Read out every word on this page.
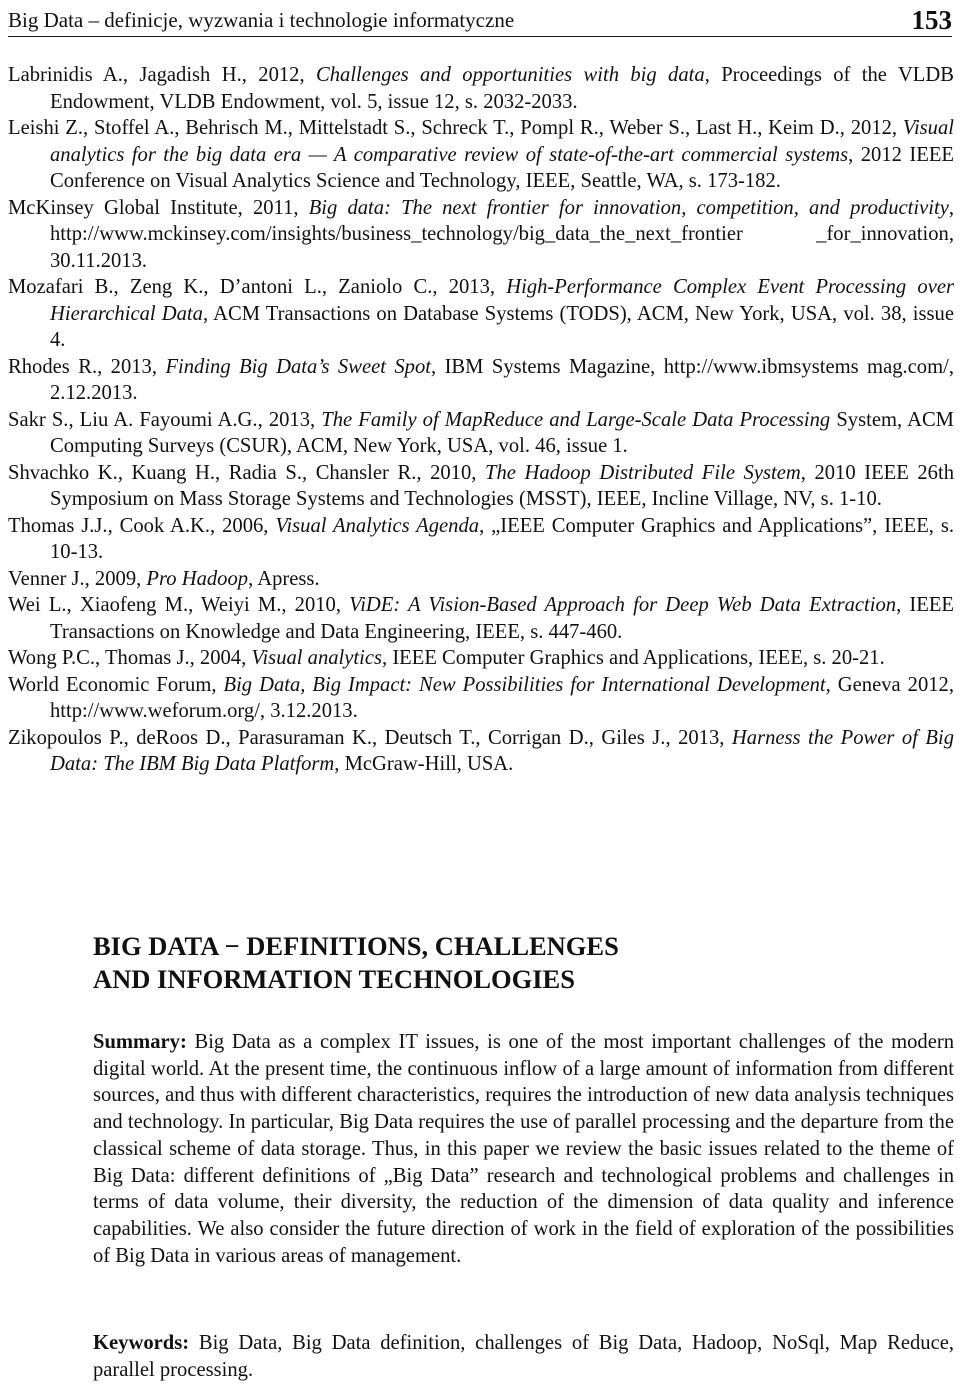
Big Data – definicje, wyzwania i technologie informatyczne	153

Labrinidis A., Jagadish H., 2012, Challenges and opportunities with big data, Proceedings of the VLDB Endowment, VLDB Endowment, vol. 5, issue 12, s. 2032-2033.

Leishi Z., Stoffel A., Behrisch M., Mittelstadt S., Schreck T., Pompl R., Weber S., Last H., Keim D., 2012, Visual analytics for the big data era — A comparative review of state-of-the-art commercial systems, 2012 IEEE Conference on Visual Analytics Science and Technology, IEEE, Seattle, WA, s. 173-182.

McKinsey Global Institute, 2011, Big data: The next frontier for innovation, competition, and productivity, http://www.mckinsey.com/insights/business_technology/big_data_the_next_frontier _for_innovation, 30.11.2013.

Mozafari B., Zeng K., D’antoni L., Zaniolo C., 2013, High-Performance Complex Event Processing over Hierarchical Data, ACM Transactions on Database Systems (TODS), ACM, New York, USA, vol. 38, issue 4.

Rhodes R., 2013, Finding Big Data’s Sweet Spot, IBM Systems Magazine, http://www.ibmsystems mag.com/, 2.12.2013.

Sakr S., Liu A. Fayoumi A.G., 2013, The Family of MapReduce and Large-Scale Data Processing System, ACM Computing Surveys (CSUR), ACM, New York, USA, vol. 46, issue 1.

Shvachko K., Kuang H., Radia S., Chansler R., 2010, The Hadoop Distributed File System, 2010 IEEE 26th Symposium on Mass Storage Systems and Technologies (MSST), IEEE, Incline Village, NV, s. 1-10.

Thomas J.J., Cook A.K., 2006, Visual Analytics Agenda, „IEEE Computer Graphics and Applications”, IEEE, s. 10-13.

Venner J., 2009, Pro Hadoop, Apress.

Wei L., Xiaofeng M., Weiyi M., 2010, ViDE: A Vision-Based Approach for Deep Web Data Extraction, IEEE Transactions on Knowledge and Data Engineering, IEEE, s. 447-460.

Wong P.C., Thomas J., 2004, Visual analytics, IEEE Computer Graphics and Applications, IEEE, s. 20-21.

World Economic Forum, Big Data, Big Impact: New Possibilities for International Development, Geneva 2012, http://www.weforum.org/, 3.12.2013.

Zikopoulos P., deRoos D., Parasuraman K., Deutsch T., Corrigan D., Giles J., 2013, Harness the Power of Big Data: The IBM Big Data Platform, McGraw-Hill, USA.

BIG DATA − DEFINITIONS, CHALLENGES
AND INFORMATION TECHNOLOGIES

Summary: Big Data as a complex IT issues, is one of the most important challenges of the modern digital world. At the present time, the continuous inflow of a large amount of information from different sources, and thus with different characteristics, requires the introduction of new data analysis techniques and technology. In particular, Big Data requires the use of parallel processing and the departure from the classical scheme of data storage. Thus, in this paper we review the basic issues related to the theme of Big Data: different definitions of „Big Data” research and technological problems and challenges in terms of data volume, their diversity, the reduction of the dimension of data quality and inference capabilities. We also consider the future direction of work in the field of exploration of the possibilities of Big Data in various areas of management.

Keywords: Big Data, Big Data definition, challenges of Big Data, Hadoop, NoSql, Map Reduce, parallel processing.
